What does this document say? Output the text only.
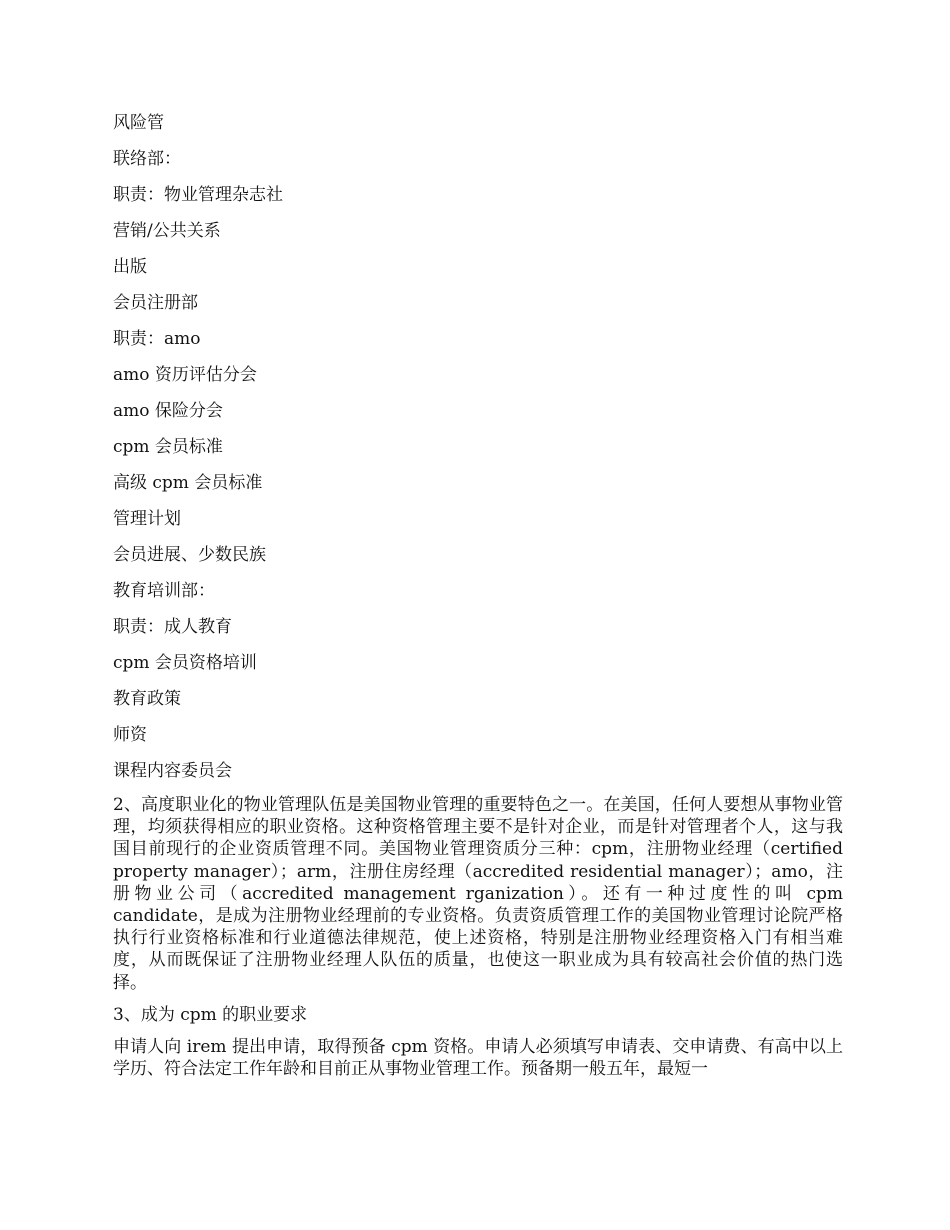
风险管
联络部：
职责：物业管理杂志社
营销/公共关系
出版
会员注册部
职责：amo
amo 资历评估分会
amo 保险分会
cpm 会员标准
高级 cpm 会员标准
管理计划
会员进展、少数民族
教育培训部：
职责：成人教育
cpm 会员资格培训
教育政策
师资
课程内容委员会

2、高度职业化的物业管理队伍是美国物业管理的重要特色之一。在美国，任何人要想从事物业管理，均须获得相应的职业资格。这种资格管理主要不是针对企业，而是针对管理者个人，这与我国目前现行的企业资质管理不同。美国物业管理资质分三种：cpm，注册物业经理（certified property manager）；arm，注册住房经理（accredited residential manager）；amo，注册物业公司（accredited management rganization）。还有一种过度性的叫 cpm candidate，是成为注册物业经理前的专业资格。负责资质管理工作的美国物业管理讨论院严格执行行业资格标准和行业道德法律规范，使上述资格，特别是注册物业经理资格入门有相当难度，从而既保证了注册物业经理人队伍的质量，也使这一职业成为具有较高社会价值的热门选择。

3、成为 cpm 的职业要求

申请人向 irem 提出申请，取得预备 cpm 资格。申请人必须填写申请表、交申请费、有高中以上学历、符合法定工作年龄和目前正从事物业管理工作。预备期一般五年，最短一
